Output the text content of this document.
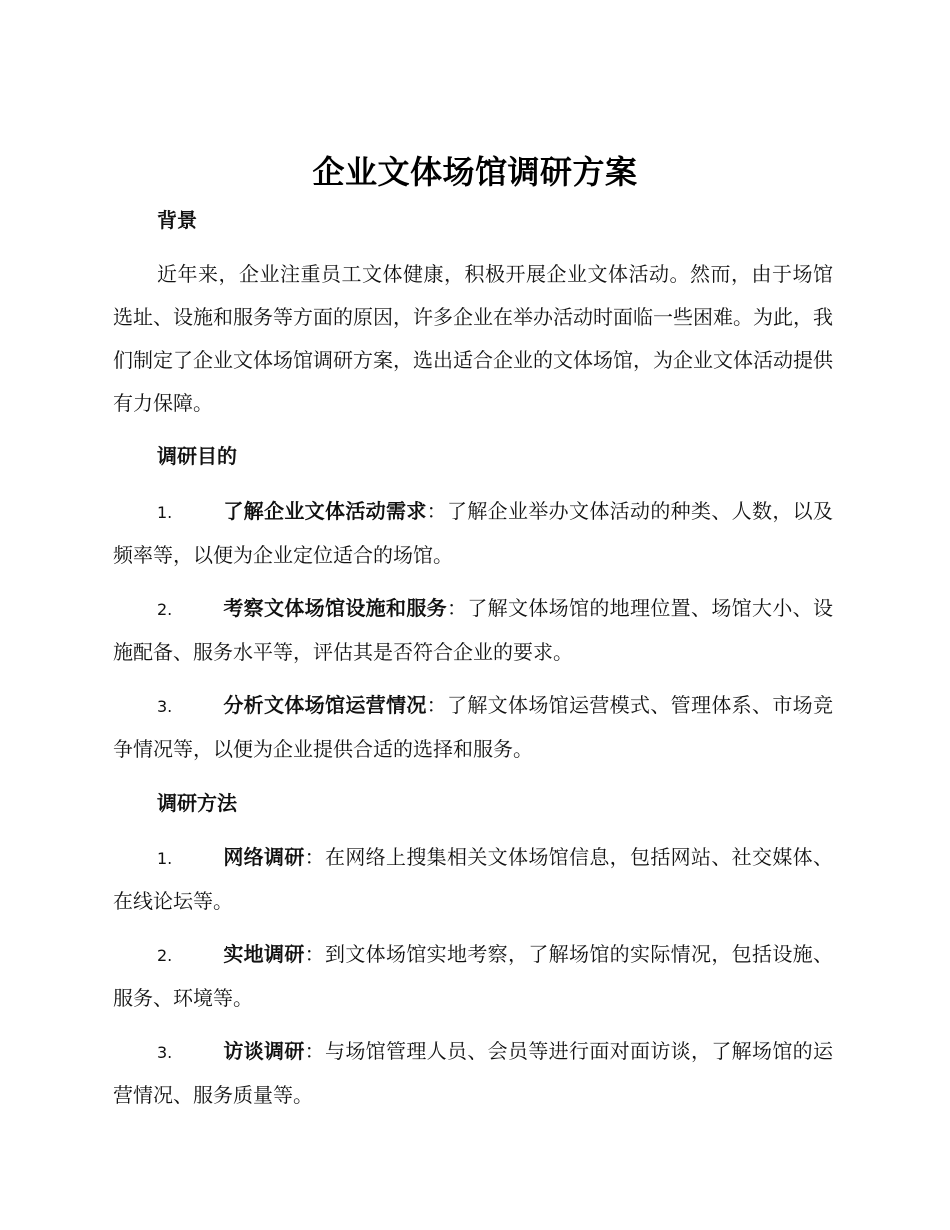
企业文体场馆调研方案
背景
近年来，企业注重员工文体健康，积极开展企业文体活动。然而，由于场馆选址、设施和服务等方面的原因，许多企业在举办活动时面临一些困难。为此，我们制定了企业文体场馆调研方案，选出适合企业的文体场馆，为企业文体活动提供有力保障。
调研目的
1.	了解企业文体活动需求：了解企业举办文体活动的种类、人数，以及频率等，以便为企业定位适合的场馆。
2.	考察文体场馆设施和服务：了解文体场馆的地理位置、场馆大小、设施配备、服务水平等，评估其是否符合企业的要求。
3.	分析文体场馆运营情况：了解文体场馆运营模式、管理体系、市场竞争情况等，以便为企业提供合适的选择和服务。
调研方法
1.	网络调研：在网络上搜集相关文体场馆信息，包括网站、社交媒体、在线论坛等。
2.	实地调研：到文体场馆实地考察，了解场馆的实际情况，包括设施、服务、环境等。
3.	访谈调研：与场馆管理人员、会员等进行面对面访谈，了解场馆的运营情况、服务质量等。
